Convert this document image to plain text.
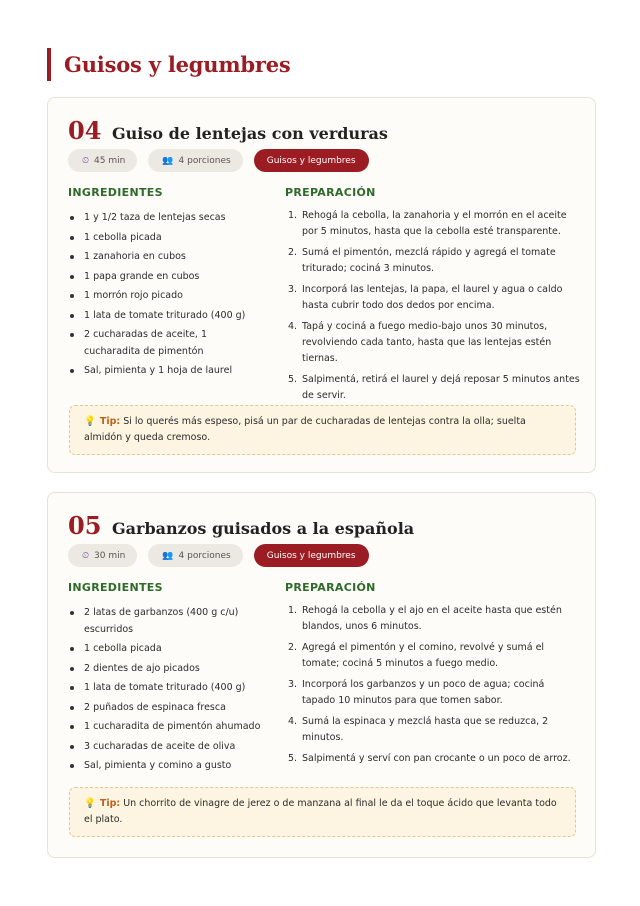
Guisos y legumbres
04 Guiso de lentejas con verduras
⏲ 45 min	👥 4 porciones	Guisos y legumbres
INGREDIENTES	PREPARACIÓN
1 y 1/2 taza de lentejas secas
1 cebolla picada
1 zanahoria en cubos
1 papa grande en cubos
1 morrón rojo picado
1 lata de tomate triturado (400 g)
2 cucharadas de aceite, 1 cucharadita de pimentón
Sal, pimienta y 1 hoja de laurel
1. Rehogá la cebolla, la zanahoria y el morrón en el aceite por 5 minutos, hasta que la cebolla esté transparente.
2. Sumá el pimentón, mezclá rápido y agregá el tomate triturado; cociná 3 minutos.
3. Incorporá las lentejas, la papa, el laurel y agua o caldo hasta cubrir todo dos dedos por encima.
4. Tapá y cociná a fuego medio-bajo unos 30 minutos, revolviendo cada tanto, hasta que las lentejas estén tiernas.
5. Salpimentá, retirá el laurel y dejá reposar 5 minutos antes de servir.
💡 Tip: Si lo querés más espeso, pisá un par de cucharadas de lentejas contra la olla; suelta almidón y queda cremoso.
05 Garbanzos guisados a la española
⏲ 30 min	👥 4 porciones	Guisos y legumbres
INGREDIENTES	PREPARACIÓN
2 latas de garbanzos (400 g c/u) escurridos
1 cebolla picada
2 dientes de ajo picados
1 lata de tomate triturado (400 g)
2 puñados de espinaca fresca
1 cucharadita de pimentón ahumado
3 cucharadas de aceite de oliva
Sal, pimienta y comino a gusto
1. Rehogá la cebolla y el ajo en el aceite hasta que estén blandos, unos 6 minutos.
2. Agregá el pimentón y el comino, revolvé y sumá el tomate; cociná 5 minutos a fuego medio.
3. Incorporá los garbanzos y un poco de agua; cociná tapado 10 minutos para que tomen sabor.
4. Sumá la espinaca y mezclá hasta que se reduzca, 2 minutos.
5. Salpimentá y serví con pan crocante o un poco de arroz.
💡 Tip: Un chorrito de vinagre de jerez o de manzana al final le da el toque ácido que levanta todo el plato.
